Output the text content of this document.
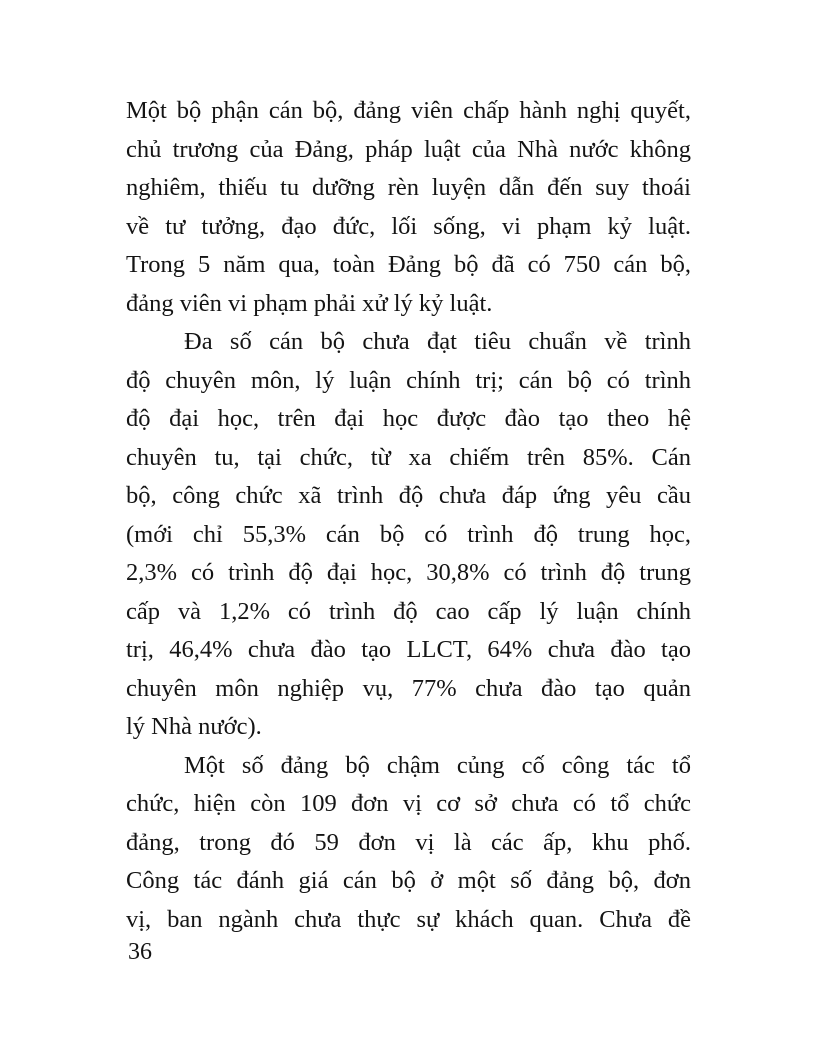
Một bộ phận cán bộ, đảng viên chấp hành nghị quyết,
chủ trương của Đảng, pháp luật của Nhà nước không
nghiêm, thiếu tu dưỡng rèn luyện dẫn đến suy thoái
về tư tưởng, đạo đức, lối sống, vi phạm kỷ luật.
Trong 5 năm qua, toàn Đảng bộ đã có 750 cán bộ,
đảng viên vi phạm phải xử lý kỷ luật.
Đa số cán bộ chưa đạt tiêu chuẩn về trình
độ chuyên môn, lý luận chính trị; cán bộ có trình
độ đại học, trên đại học được đào tạo theo hệ
chuyên tu, tại chức, từ xa chiếm trên 85%. Cán
bộ, công chức xã trình độ chưa đáp ứng yêu cầu
(mới chỉ 55,3% cán bộ có trình độ trung học,
2,3% có trình độ đại học, 30,8% có trình độ trung
cấp và 1,2% có trình độ cao cấp lý luận chính
trị, 46,4% chưa đào tạo LLCT, 64% chưa đào tạo
chuyên môn nghiệp vụ, 77% chưa đào tạo quản
lý Nhà nước).
Một số đảng bộ chậm củng cố công tác tổ
chức, hiện còn 109 đơn vị cơ sở chưa có tổ chức
đảng, trong đó 59 đơn vị là các ấp, khu phố.
Công tác đánh giá cán bộ ở một số đảng bộ, đơn
vị, ban ngành chưa thực sự khách quan. Chưa đề
36
